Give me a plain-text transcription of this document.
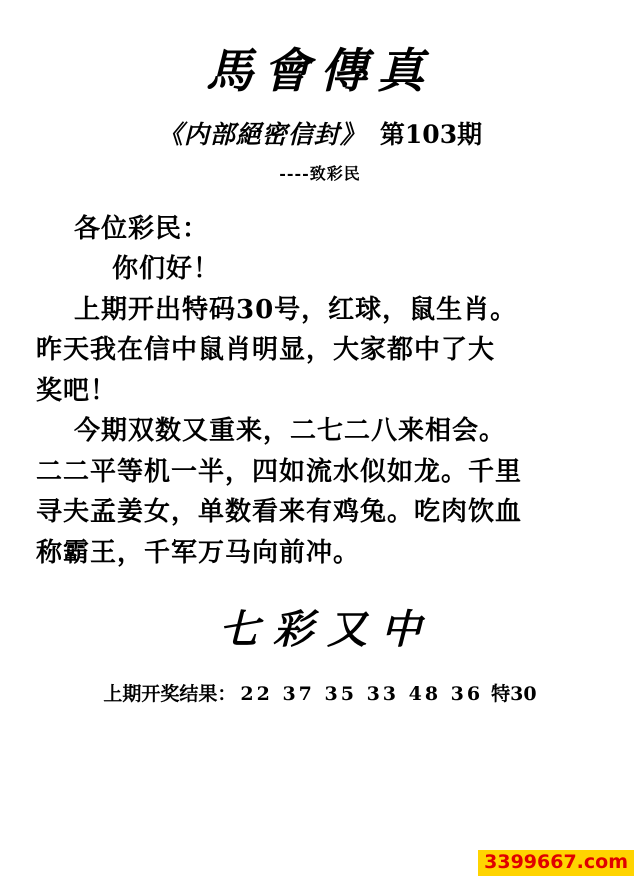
馬會傳真
《内部絕密信封》 第103期
----致彩民

各位彩民：

你们好！

上期开出特码30号，红球，鼠生肖。

昨天我在信中鼠肖明显，大家都中了大

奖吧！

今期双数又重来，二七二八来相会。

二二平等机一半，四如流水似如龙。千里

寻夫孟姜女，单数看来有鸡兔。吃肉饮血

称霸王，千军万马向前冲。

七彩又中
上期开奖结果： 22 37 35 33 48 36 特30
3399667.com
